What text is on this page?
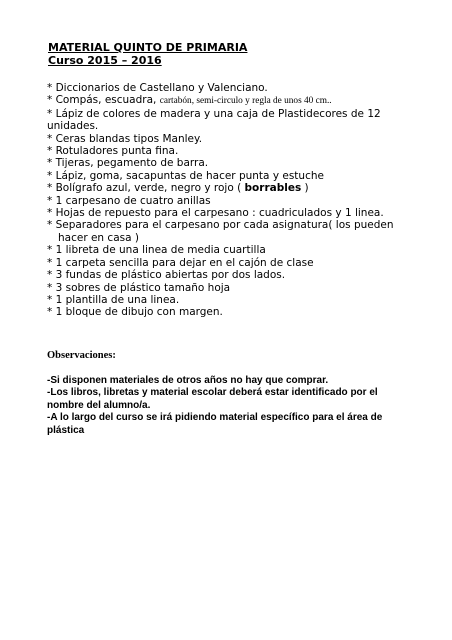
MATERIAL QUINTO DE PRIMARIA
Curso 2015 – 2016
* Diccionarios de Castellano y Valenciano.
* Compás, escuadra, cartabón, semi-circulo y regla de unos 40 cm..
* Lápiz de colores de madera y una caja de Plastidecores de 12 unidades.
* Ceras blandas tipos Manley.
* Rotuladores punta fina.
* Tijeras, pegamento de barra.
* Lápiz, goma, sacapuntas de hacer punta y estuche
* Bolígrafo azul, verde, negro y rojo ( borrables )
* 1 carpesano de cuatro anillas
* Hojas de repuesto para el carpesano : cuadriculados y 1 linea.
* Separadores para el carpesano por cada asignatura( los pueden
hacer en casa )
* 1 libreta de una linea de media cuartilla
* 1 carpeta sencilla para dejar en el cajón de clase
* 3 fundas de plástico abiertas por dos lados.
* 3 sobres de plástico tamaño hoja
* 1 plantilla de una linea.
* 1 bloque de dibujo con margen.
Observaciones:

-Si disponen materiales de otros años no hay que comprar.

-Los libros, libretas y material escolar deberá estar identificado por el nombre del alumno/a.

-A lo largo del curso se irá pidiendo material específico para el área de plástica
